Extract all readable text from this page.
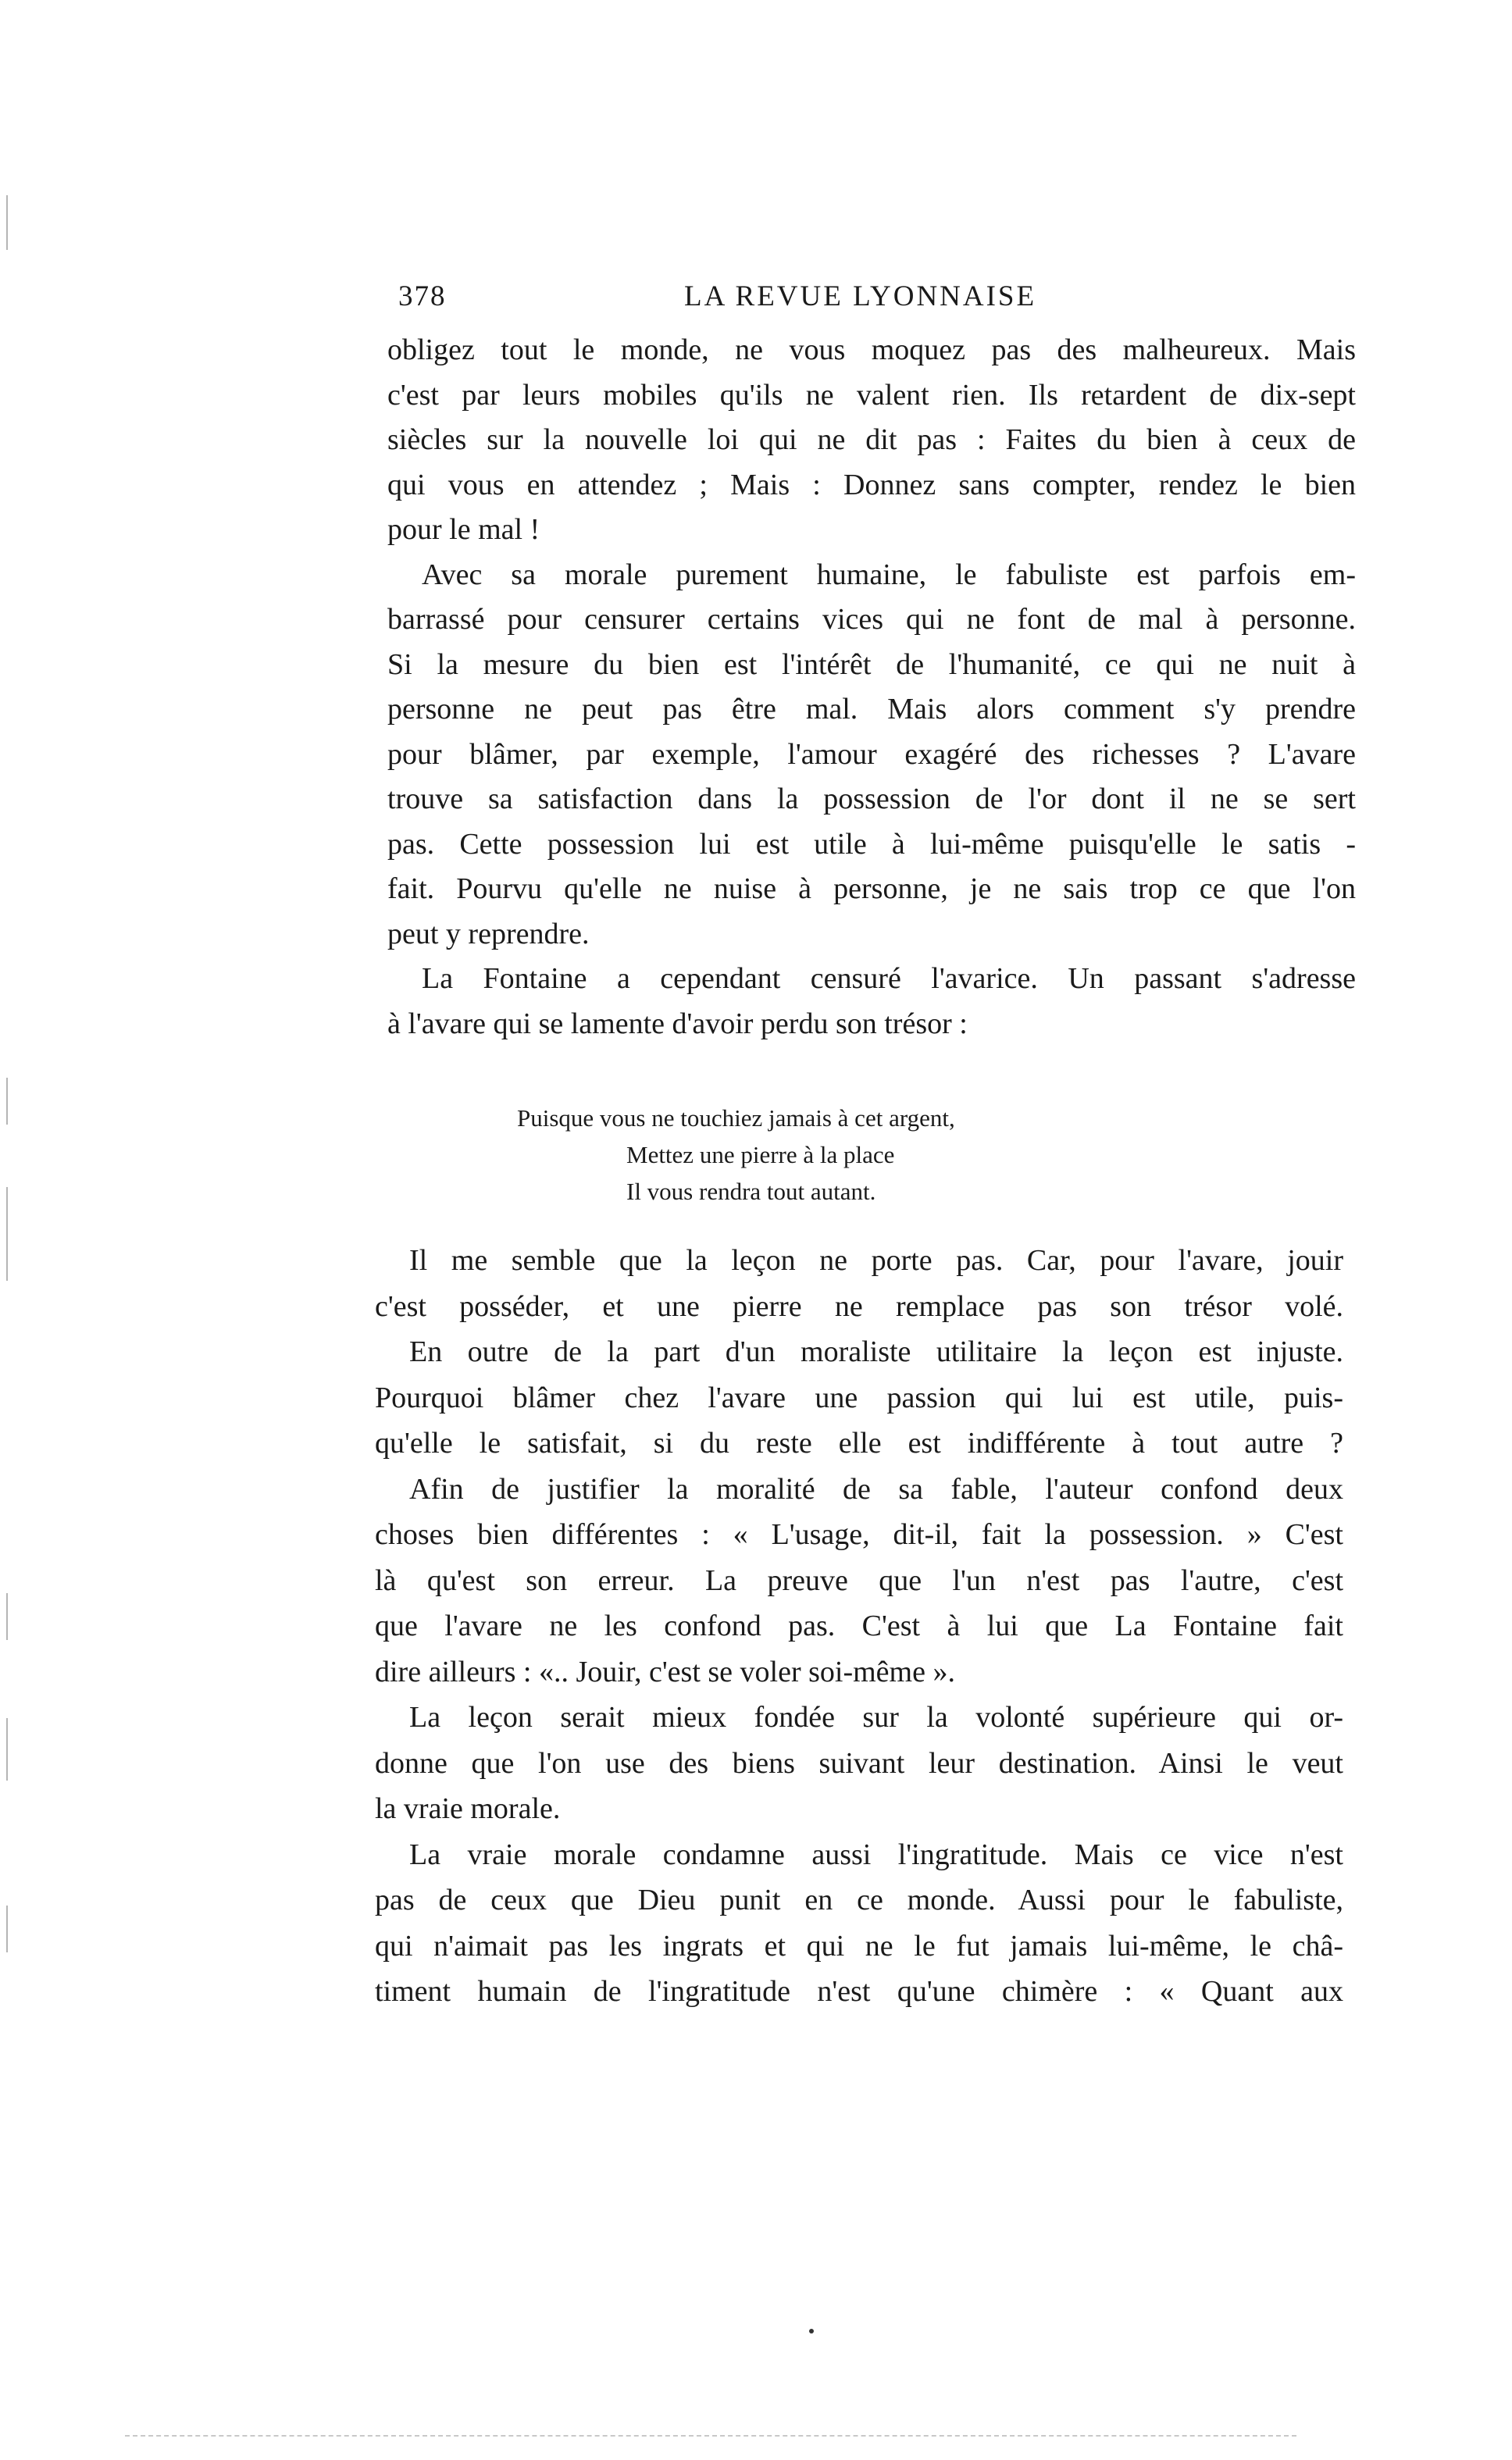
378	LA REVUE LYONNAISE
obligez tout le monde, ne vous moquez pas des malheureux. Mais
c'est par leurs mobiles qu'ils ne valent rien. Ils retardent de dix-sept
siècles sur la nouvelle loi qui ne dit pas : Faites du bien à ceux de
qui vous en attendez ; Mais : Donnez sans compter, rendez le bien
pour le mal !
Avec sa morale purement humaine, le fabuliste est parfois em-
barrassé pour censurer certains vices qui ne font de mal à personne.
Si la mesure du bien est l'intérêt de l'humanité, ce qui ne nuit à
personne ne peut pas être mal. Mais alors comment s'y prendre
pour blâmer, par exemple, l'amour exagéré des richesses ? L'avare
trouve sa satisfaction dans la possession de l'or dont il ne se sert
pas. Cette possession lui est utile à lui-même puisqu'elle le satis -
fait. Pourvu qu'elle ne nuise à personne, je ne sais trop ce que l'on
peut y reprendre.
La Fontaine a cependant censuré l'avarice. Un passant s'adresse
à l'avare qui se lamente d'avoir perdu son trésor :
Puisque vous ne touchiez jamais à cet argent,
Mettez une pierre à la place
Il vous rendra tout autant.
Il me semble que la leçon ne porte pas. Car, pour l'avare, jouir
c'est posséder, et une pierre ne remplace pas son trésor volé.
En outre de la part d'un moraliste utilitaire la leçon est injuste.
Pourquoi blâmer chez l'avare une passion qui lui est utile, puis-
qu'elle le satisfait, si du reste elle est indifférente à tout autre ?
Afin de justifier la moralité de sa fable, l'auteur confond deux
choses bien différentes : « L'usage, dit-il, fait la possession. » C'est
là qu'est son erreur. La preuve que l'un n'est pas l'autre, c'est
que l'avare ne les confond pas. C'est à lui que La Fontaine fait
dire ailleurs : «.. Jouir, c'est se voler soi-même ».
La leçon serait mieux fondée sur la volonté supérieure qui or-
donne que l'on use des biens suivant leur destination. Ainsi le veut
la vraie morale.
La vraie morale condamne aussi l'ingratitude. Mais ce vice n'est
pas de ceux que Dieu punit en ce monde. Aussi pour le fabuliste,
qui n'aimait pas les ingrats et qui ne le fut jamais lui-même, le châ-
timent humain de l'ingratitude n'est qu'une chimère : « Quant aux
